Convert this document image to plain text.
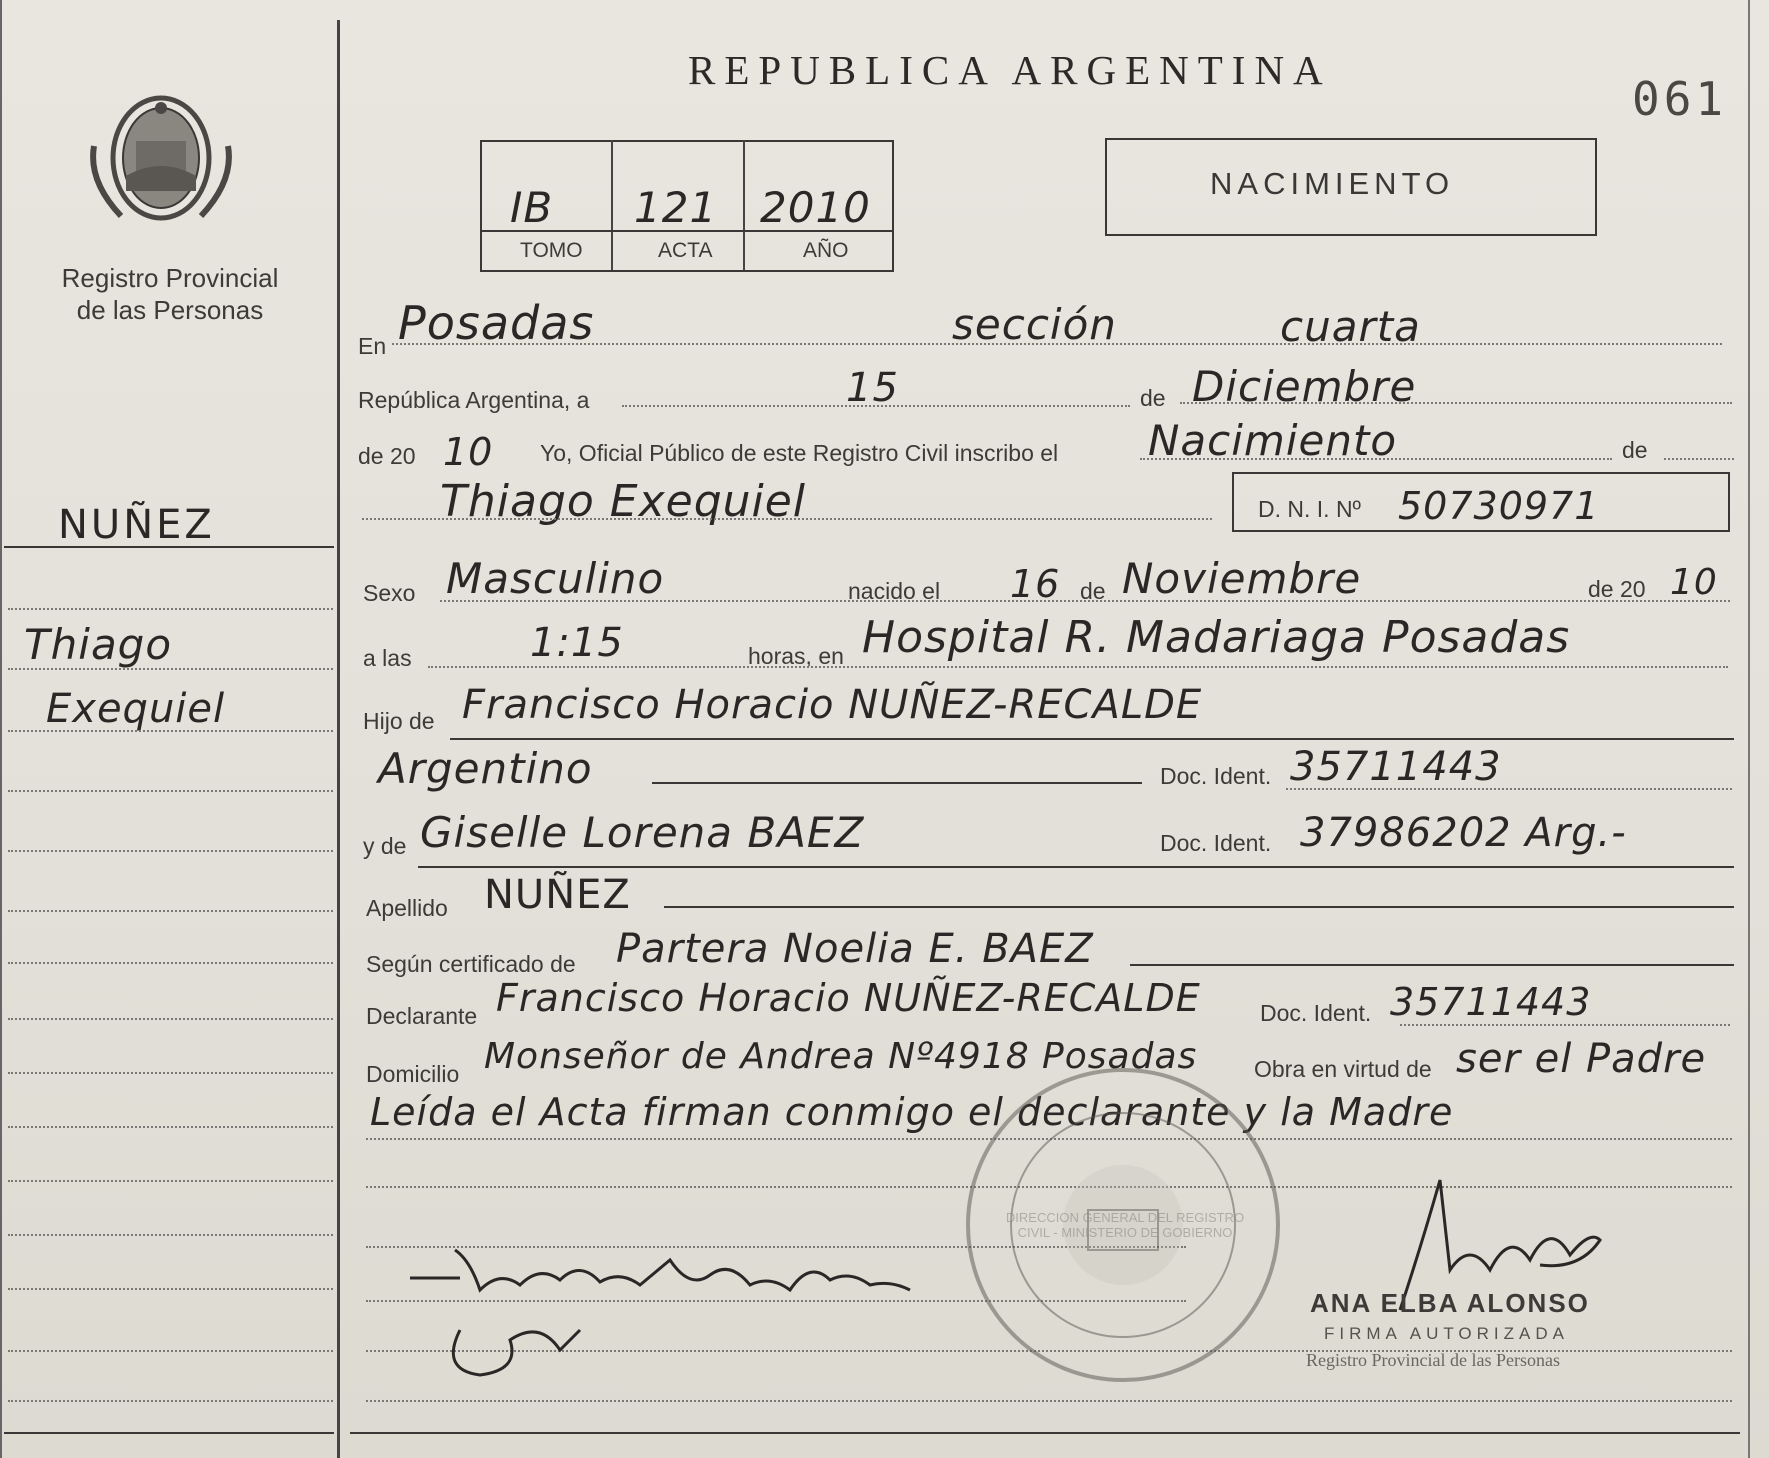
Registro Provincial
de las Personas
REPUBLICA ARGENTINA
061
IB 121 2010
TOMO	ACTA	AÑO
NACIMIENTO
NUÑEZ
Thiago
Exequiel
En Posadas	sección	cuarta
República Argentina, a	15	de Diciembre
de 20 10 Yo, Oficial Público de este Registro Civil inscribo el Nacimiento	de
Thiago Exequiel	D. N. I. Nº 50730971
Sexo Masculino	nacido el 16 de Noviembre	de 20 10
a las	1:15	horas, en Hospital R. Madariaga Posadas
Hijo de Francisco Horacio NUÑEZ-RECALDE
Argentino	Doc. Ident. 35711443
y de Giselle Lorena BAEZ	Doc. Ident. 37986202 Arg.-
Apellido NUÑEZ
Según certificado de Partera Noelia E. BAEZ
Declarante Francisco Horacio NUÑEZ-RECALDE	Doc. Ident. 35711443
Domicilio Monseñor de Andrea Nº4918 Posadas Obra en virtud de ser el Padre
Leída el Acta firman conmigo el declarante y la Madre
DIRECCION GENERAL DEL REGISTRO CIVIL - MINISTERIO DE GOBIERNO
ANA ELBA ALONSO
FIRMA AUTORIZADA
Registro Provincial de las Personas
